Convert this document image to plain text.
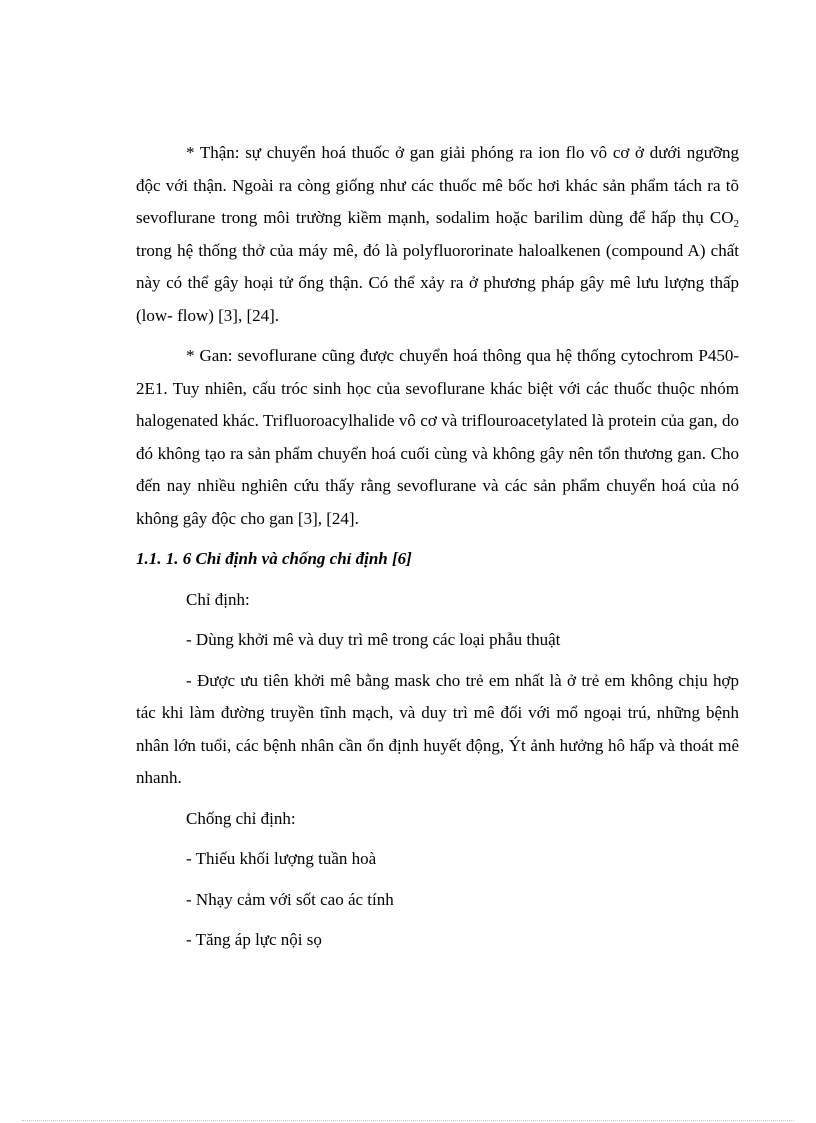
* Thận: sự chuyển hoá thuốc ở gan giải phóng ra ion flo vô cơ ở dưới ngưỡng độc với thận. Ngoài ra còng giống như các thuốc mê bốc hơi khác sản phẩm tách ra tõ sevoflurane trong môi trường kiềm mạnh, sodalim hoặc barilim dùng để hấp thụ $CO_2$ trong hệ thống thở của máy mê, đó là polyfluororinate haloalkenen (compound A) chất này có thể gây hoại tử ống thận. Có thể xảy ra ở phương pháp gây mê lưu lượng thấp (low- flow) [3], [24].

* Gan: sevoflurane cũng được chuyển hoá thông qua hệ thống cytochrom P450- 2E1. Tuy nhiên, cấu tróc sinh học của sevoflurane khác biệt với các thuốc thuộc nhóm halogenated khác. Trifluoroacylhalide vô cơ và triflouroacetylated là protein của gan, do đó không tạo ra sản phẩm chuyển hoá cuối cùng và không gây nên tổn thương gan. Cho đến nay nhiều nghiên cứu thấy rằng sevoflurane và các sản phẩm chuyển hoá của nó không gây độc cho gan [3], [24].

1.1. 1. 6 Chỉ định và chống chỉ định [6]
Chỉ định:
- Dùng khởi mê và duy trì mê trong các loại phẫu thuật

- Được ưu tiên khởi mê bằng mask cho trẻ em nhất là ở trẻ em không chịu hợp tác khi làm đường truyền tĩnh mạch, và duy trì mê đối với mổ ngoại trú, những bệnh nhân lớn tuổi, các bệnh nhân cần ổn định huyết động, Ýt ảnh hưởng hô hấp và thoát mê nhanh.

Chống chỉ định:
- Thiếu khối lượng tuần hoà
- Nhạy cảm với sốt cao ác tính
- Tăng áp lực nội sọ
